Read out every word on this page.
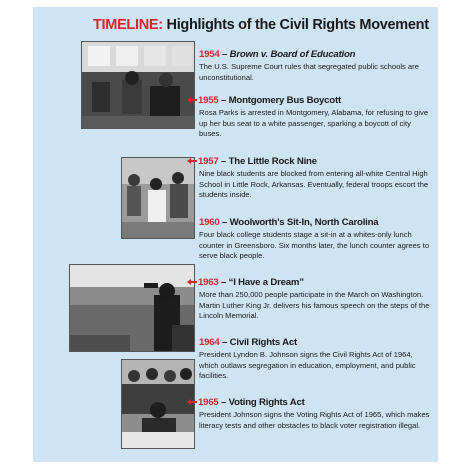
TIMELINE: Highlights of the Civil Rights Movement
1954 – Brown v. Board of Education
The U.S. Supreme Court rules that segregated public schools are unconstitutional.
1955 – Montgomery Bus Boycott
Rosa Parks is arrested in Montgomery, Alabama, for refusing to give up her bus seat to a white passenger, sparking a boycott of city buses.
1957 – The Little Rock Nine
Nine black students are blocked from entering all-white Central High School in Little Rock, Arkansas. Eventually, federal troops escort the students inside.
1960 – Woolworth's Sit-In, North Carolina
Four black college students stage a sit-in at a whites-only lunch counter in Greensboro. Six months later, the lunch counter agrees to serve black people.
1963 – “I Have a Dream”
More than 250,000 people participate in the March on Washington. Martin Luther King Jr. delivers his famous speech on the steps of the Lincoln Memorial.
1964 – Civil Rights Act
President Lyndon B. Johnson signs the Civil Rights Act of 1964, which outlaws segregation in education, employment, and public facilities.
1965 – Voting Rights Act
President Johnson signs the Voting Rights Act of 1965, which makes literacy tests and other obstacles to black voter registration illegal.
